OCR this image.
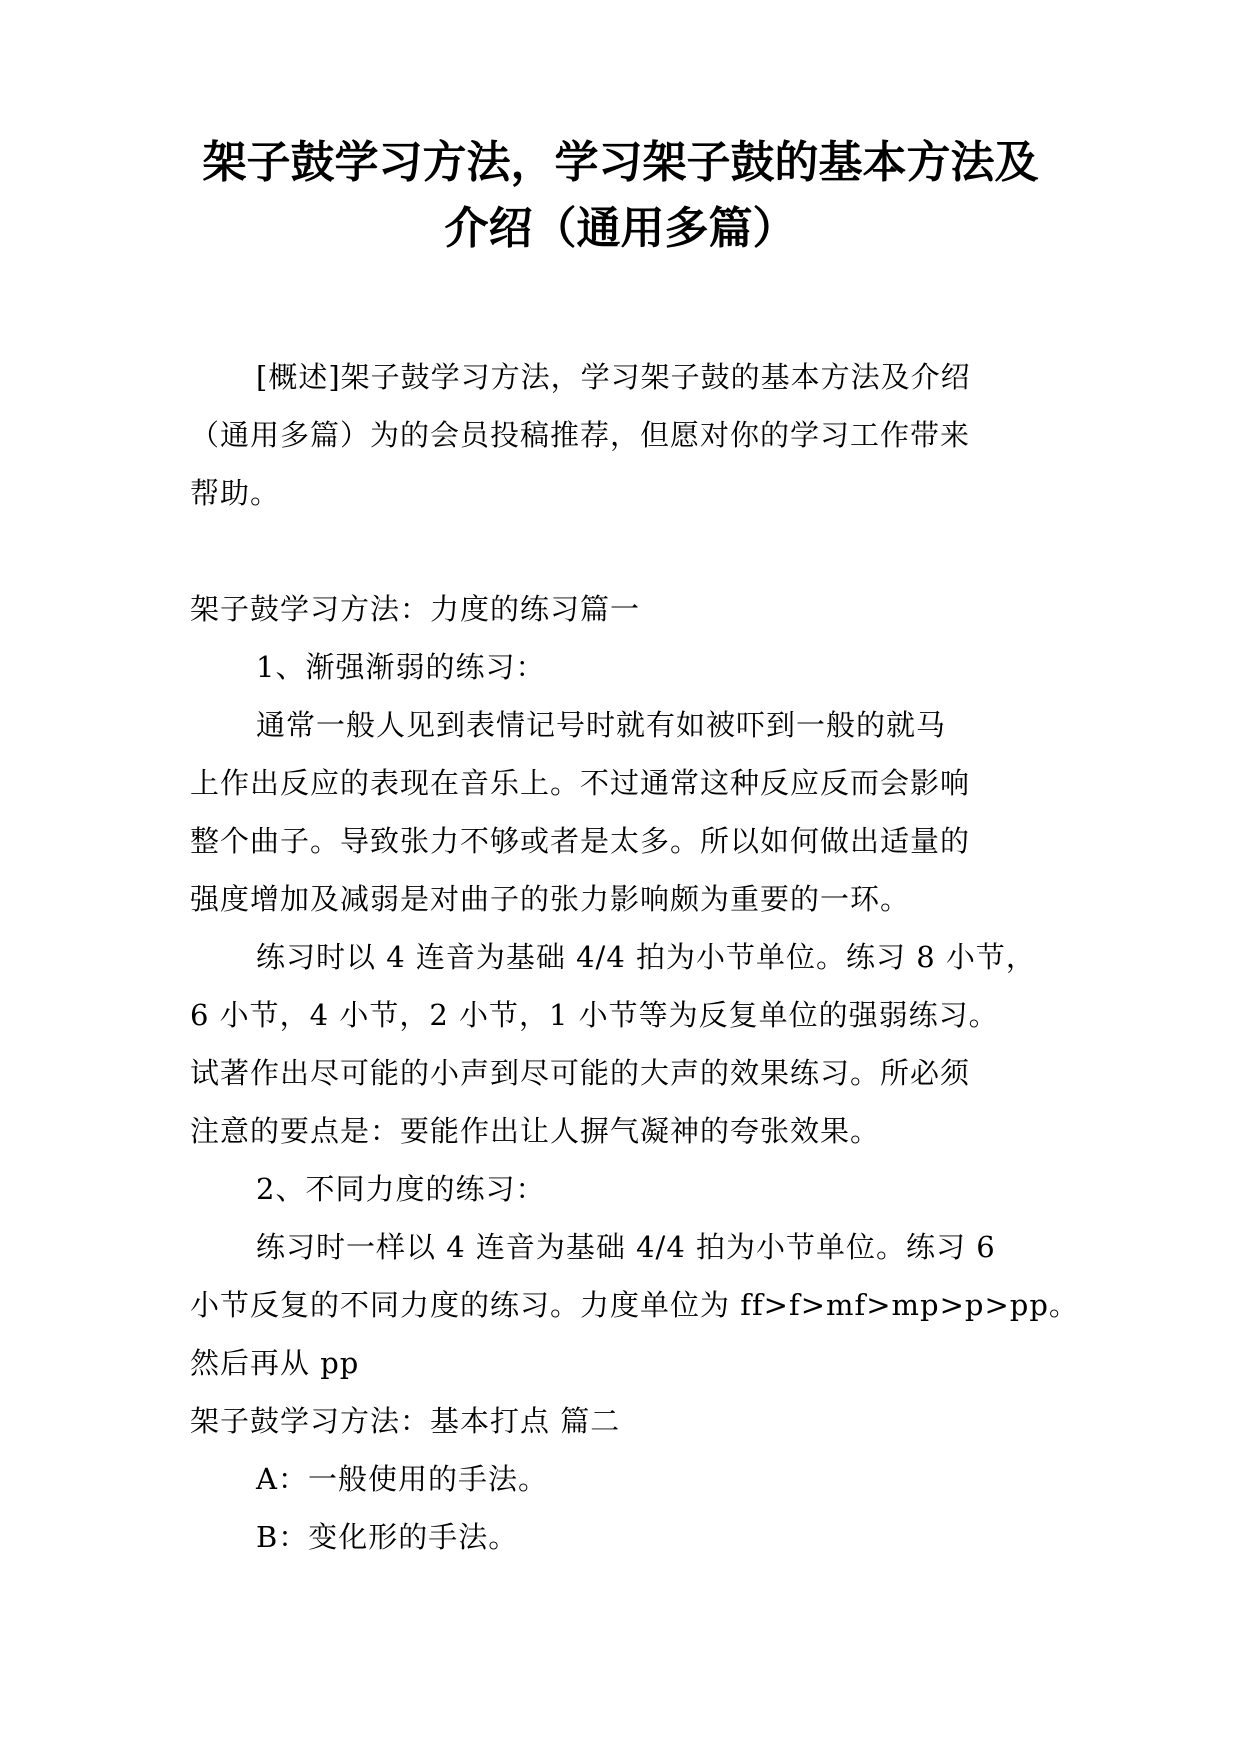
架子鼓学习方法，学习架子鼓的基本方法及
介绍（通用多篇）

[概述]架子鼓学习方法，学习架子鼓的基本方法及介绍

（通用多篇）为的会员投稿推荐，但愿对你的学习工作带来

帮助。

架子鼓学习方法：力度的练习篇一

1、渐强渐弱的练习：

通常一般人见到表情记号时就有如被吓到一般的就马

上作出反应的表现在音乐上。不过通常这种反应反而会影响

整个曲子。导致张力不够或者是太多。所以如何做出适量的

强度增加及减弱是对曲子的张力影响颇为重要的一环。

练习时以 4 连音为基础 4/4 拍为小节单位。练习 8 小节，

6 小节，4 小节，2 小节，1 小节等为反复单位的强弱练习。

试著作出尽可能的小声到尽可能的大声的效果练习。所必须

注意的要点是：要能作出让人摒气凝神的夸张效果。

2、不同力度的练习：

练习时一样以 4 连音为基础 4/4 拍为小节单位。练习 6

小节反复的不同力度的练习。力度单位为 ff>f>mf>mp>p>pp。

然后再从 pp

架子鼓学习方法：基本打点 篇二

A：一般使用的手法。

B：变化形的手法。
